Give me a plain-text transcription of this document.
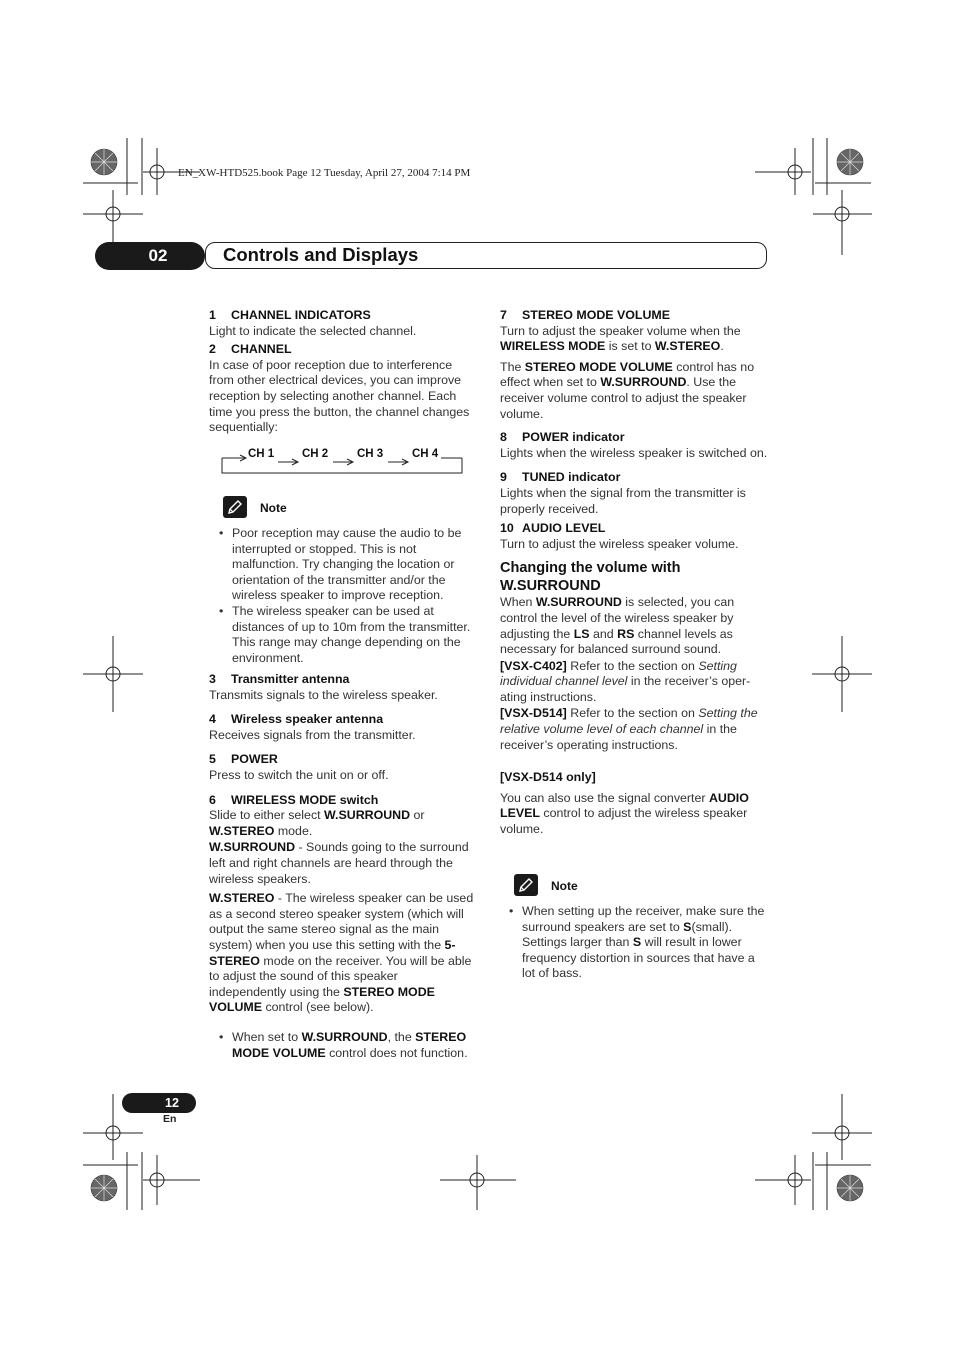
EN_XW-HTD525.book Page 12 Tuesday, April 27, 2004 7:14 PM
02	Controls and Displays

1 CHANNEL INDICATORS

Light to indicate the selected channel.

2 CHANNEL

In case of poor reception due to interference from other electrical devices, you can improve reception by selecting another channel. Each time you press the button, the channel changes sequentially:

CH 1 CH 2	CH 3	CH 4
Note
• Poor reception may cause the audio to be interrupted or stopped. This is not malfunction. Try changing the location or orientation of the transmitter and/or the wireless speaker to improve reception.
• The wireless speaker can be used at distances of up to 10m from the transmitter. This range may change depending on the environment.

3 Transmitter antenna

Transmits signals to the wireless speaker.

4 Wireless speaker antenna

Receives signals from the transmitter.

5 POWER

Press to switch the unit on or off.

6 WIRELESS MODE switch

Slide to either select W.SURROUND or W.STEREO mode.

W.SURROUND - Sounds going to the surround left and right channels are heard through the wireless speakers.

W.STEREO - The wireless speaker can be used as a second stereo speaker system (which will output the same stereo signal as the main system) when you use this setting with the 5-STEREO mode on the receiver. You will be able to adjust the sound of this speaker independently using the STEREO MODE VOLUME control (see below).

• When set to W.SURROUND, the STEREO MODE VOLUME control does not function.

7 STEREO MODE VOLUME

Turn to adjust the speaker volume when the WIRELESS MODE is set to W.STEREO.

The STEREO MODE VOLUME control has no effect when set to W.SURROUND. Use the receiver volume control to adjust the speaker volume.

8 POWER indicator

Lights when the wireless speaker is switched on.

9 TUNED indicator

Lights when the signal from the transmitter is properly received.

10 AUDIO LEVEL

Turn to adjust the wireless speaker volume.

Changing the volume with

W.SURROUND

When W.SURROUND is selected, you can control the level of the wireless speaker by adjusting the LS and RS channel levels as necessary for balanced surround sound.

[VSX-C402] Refer to the section on Setting individual channel level in the receiver’s oper-ating instructions.

[VSX-D514] Refer to the section on Setting the relative volume level of each channel in the receiver’s operating instructions.

[VSX-D514 only]

You can also use the signal converter AUDIO LEVEL control to adjust the wireless speaker volume.

Note
• When setting up the receiver, make sure the surround speakers are set to S(small). Settings larger than S will result in lower frequency distortion in sources that have a lot of bass.
12
En
